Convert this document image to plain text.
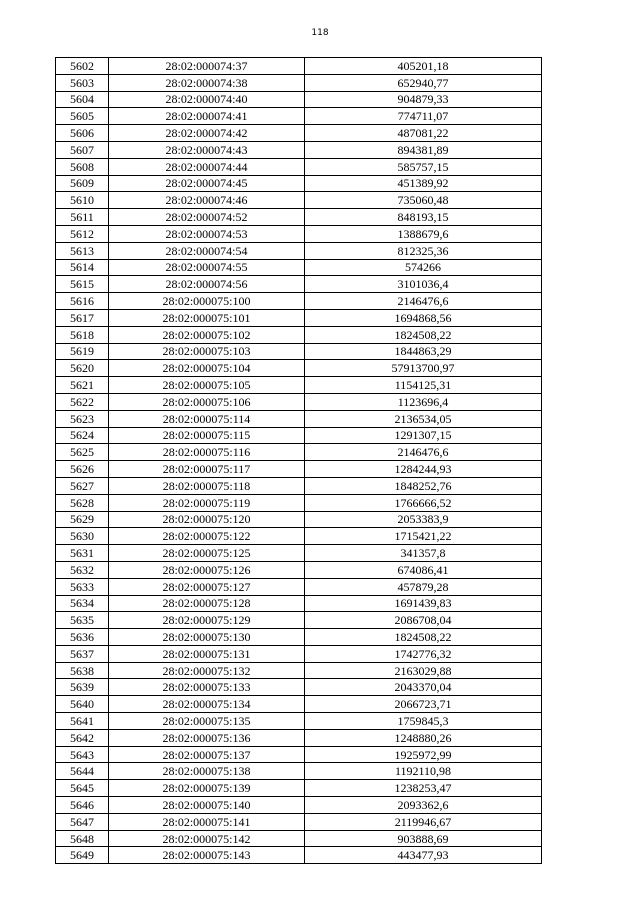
118
5602	28:02:000074:37	405201,18
5603	28:02:000074:38	652940,77
5604	28:02:000074:40	904879,33
5605	28:02:000074:41	774711,07
5606	28:02:000074:42	487081,22
5607	28:02:000074:43	894381,89
5608	28:02:000074:44	585757,15
5609	28:02:000074:45	451389,92
5610	28:02:000074:46	735060,48
5611	28:02:000074:52	848193,15
5612	28:02:000074:53	1388679,6
5613	28:02:000074:54	812325,36
5614	28:02:000074:55	574266
5615	28:02:000074:56	3101036,4
5616	28:02:000075:100	2146476,6
5617	28:02:000075:101	1694868,56
5618	28:02:000075:102	1824508,22
5619	28:02:000075:103	1844863,29
5620	28:02:000075:104	57913700,97
5621	28:02:000075:105	1154125,31
5622	28:02:000075:106	1123696,4
5623	28:02:000075:114	2136534,05
5624	28:02:000075:115	1291307,15
5625	28:02:000075:116	2146476,6
5626	28:02:000075:117	1284244,93
5627	28:02:000075:118	1848252,76
5628	28:02:000075:119	1766666,52
5629	28:02:000075:120	2053383,9
5630	28:02:000075:122	1715421,22
5631	28:02:000075:125	341357,8
5632	28:02:000075:126	674086,41
5633	28:02:000075:127	457879,28
5634	28:02:000075:128	1691439,83
5635	28:02:000075:129	2086708,04
5636	28:02:000075:130	1824508,22
5637	28:02:000075:131	1742776,32
5638	28:02:000075:132	2163029,88
5639	28:02:000075:133	2043370,04
5640	28:02:000075:134	2066723,71
5641	28:02:000075:135	1759845,3
5642	28:02:000075:136	1248880,26
5643	28:02:000075:137	1925972,99
5644	28:02:000075:138	1192110,98
5645	28:02:000075:139	1238253,47
5646	28:02:000075:140	2093362,6
5647	28:02:000075:141	2119946,67
5648	28:02:000075:142	903888,69
5649	28:02:000075:143	443477,93
